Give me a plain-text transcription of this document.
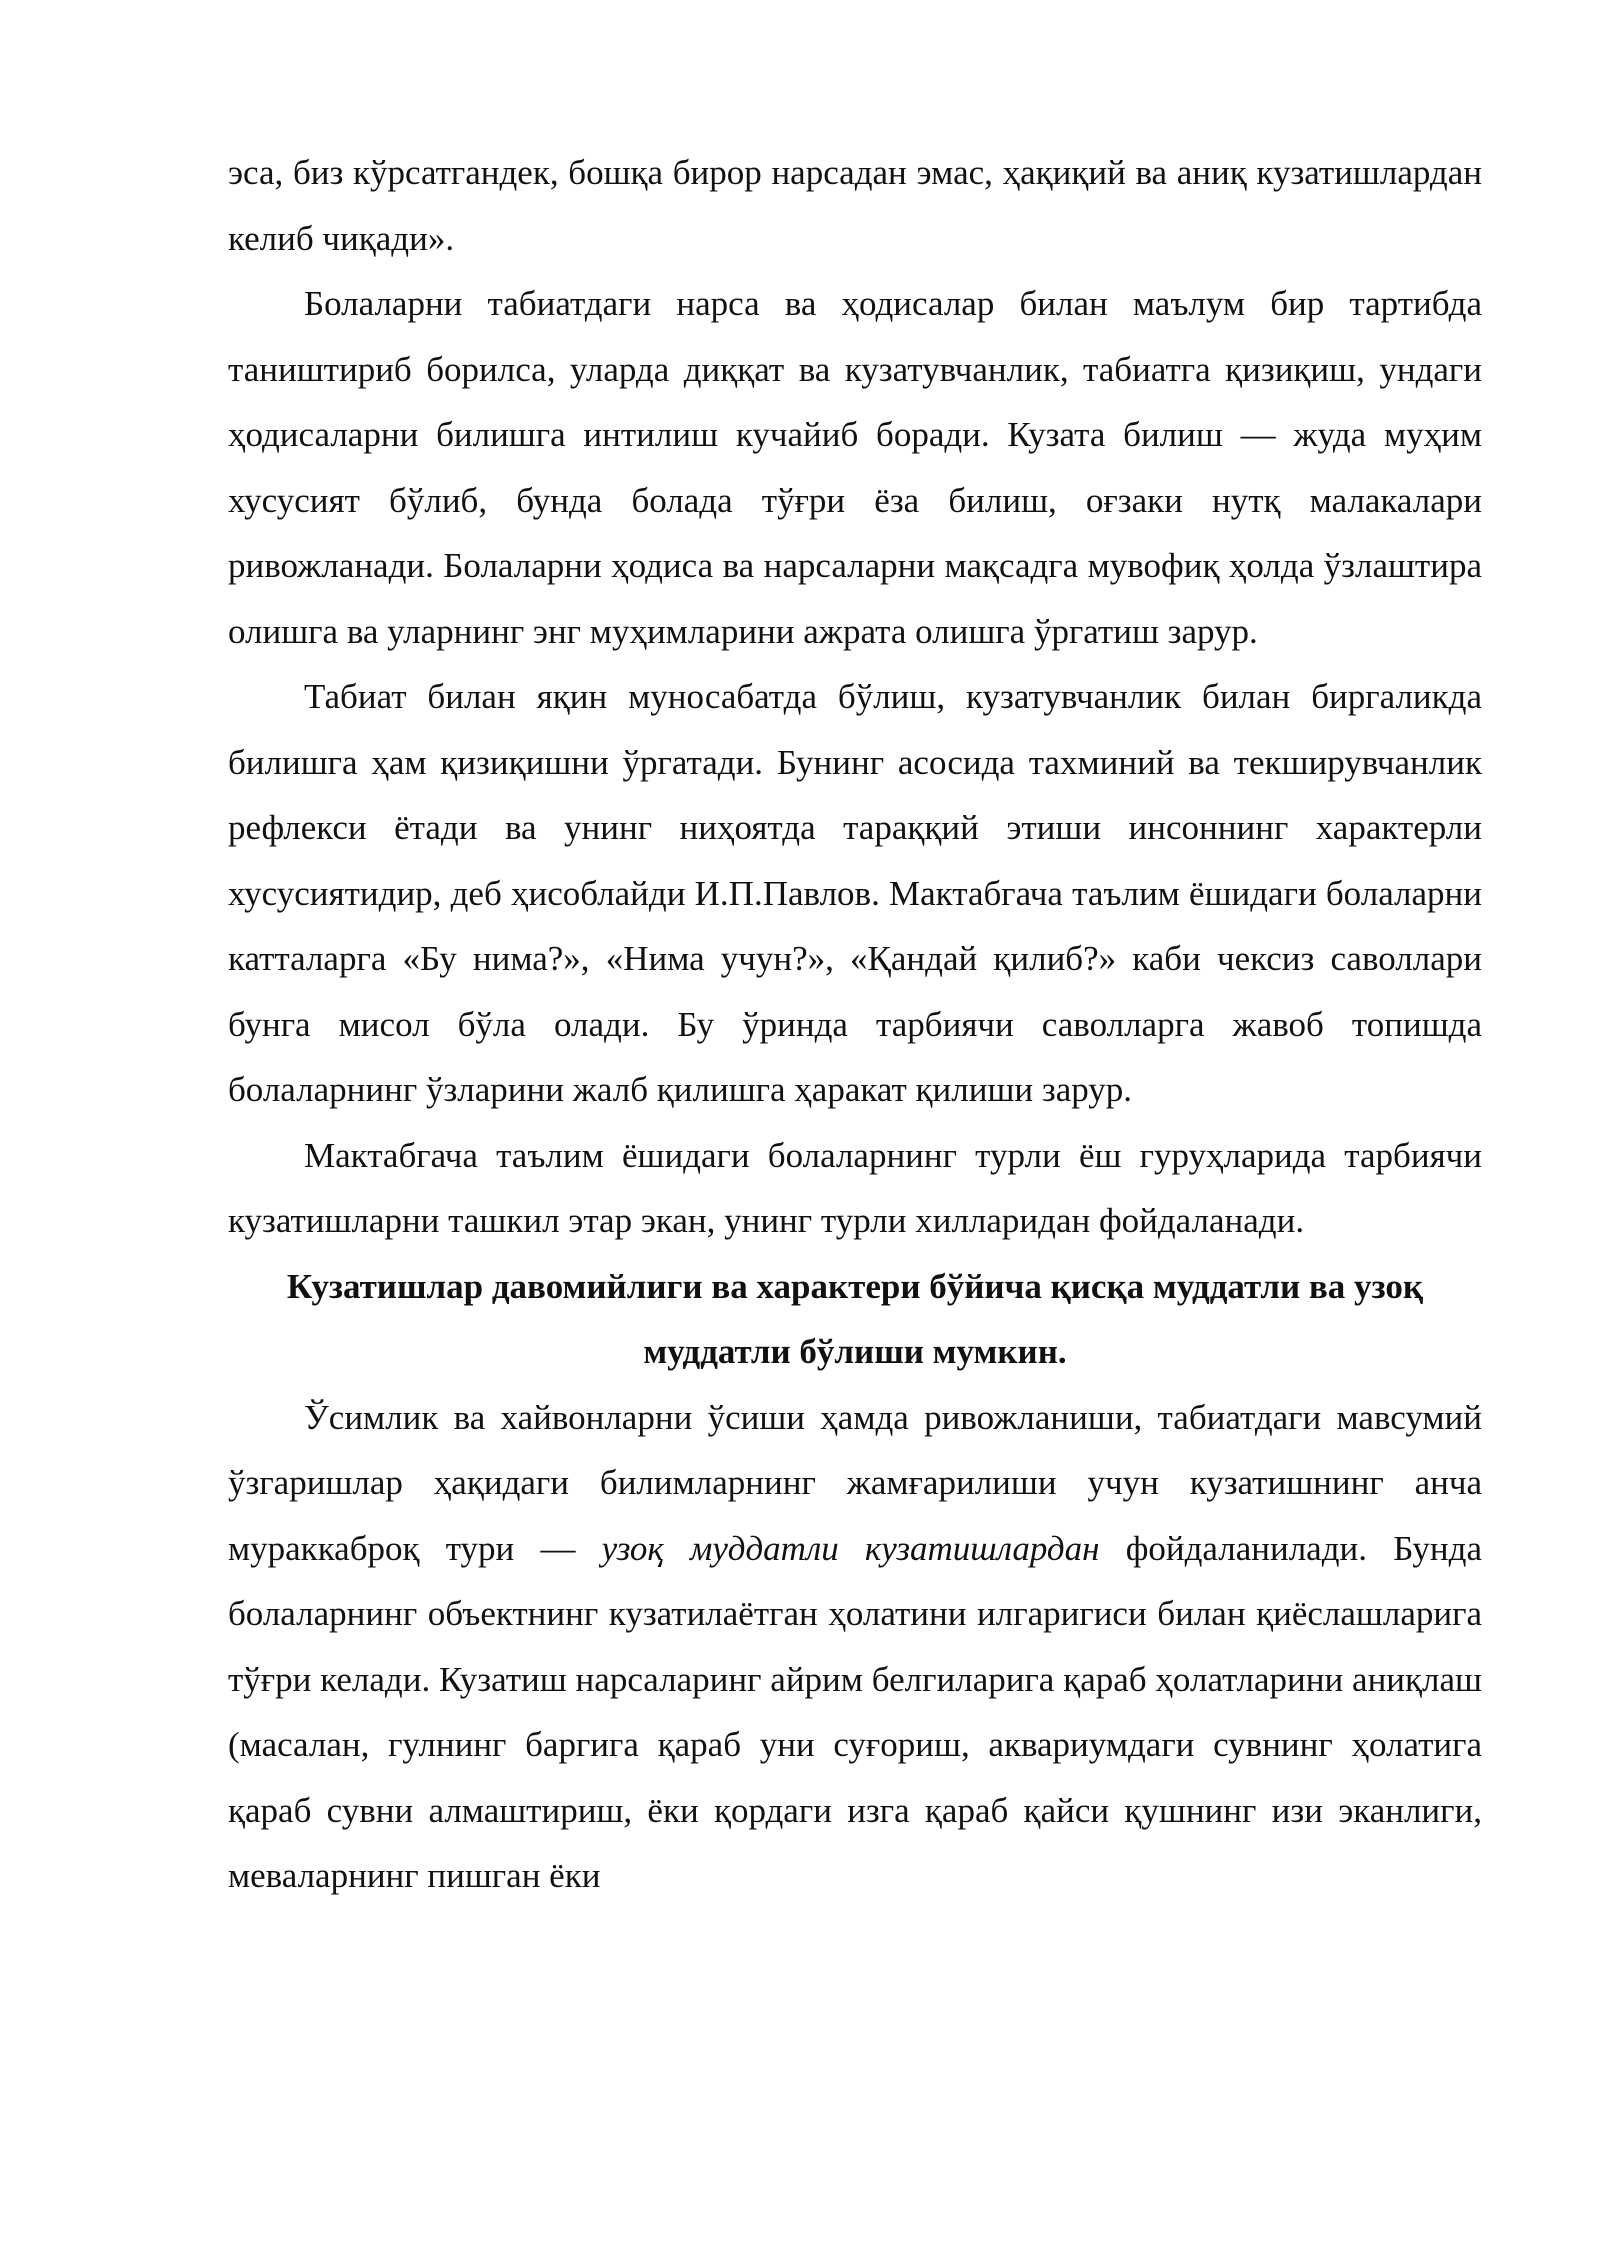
эса, биз кўрсатгандек, бошқа бирор нарсадан эмас, ҳақиқий ва аниқ кузатишлардан келиб чиқади».

Болаларни табиатдаги нарса ва ҳодисалар билан маълум бир тартибда таништириб борилса, уларда диққат ва кузатувчанлик, табиатга қизиқиш, ундаги ҳодисаларни билишга интилиш кучайиб боради. Кузата билиш — жуда муҳим хусусият бўлиб, бунда болада тўғри ёза билиш, оғзаки нутқ малакалари ривожланади. Болаларни ҳодиса ва нарсаларни мақсадга мувофиқ ҳолда ўзлаштира олишга ва уларнинг энг муҳимларини ажрата олишга ўргатиш зарур.

Табиат билан яқин муносабатда бўлиш, кузатувчанлик билан биргаликда билишга ҳам қизиқишни ўргатади. Бунинг асосида тахминий ва текширувчанлик рефлекси ётади ва унинг ниҳоятда тараққий этиши инсоннинг характерли хусусиятидир, деб ҳисоблайди И.П.Павлов. Мактабгача таълим ёшидаги болаларни катталарга «Бу нима?», «Нима учун?», «Қандай қилиб?» каби чексиз саволлари бунга мисол бўла олади. Бу ўринда тарбиячи саволларга жавоб топишда болаларнинг ўзларини жалб қилишга ҳаракат қилиши зарур.

Мактабгача таълим ёшидаги болаларнинг турли ёш гуруҳларида тарбиячи кузатишларни ташкил этар экан, унинг турли хилларидан фойдаланади.

Кузатишлар давомийлиги ва характери бўйича қисқа муддатли ва узоқ
муддатли бўлиши мумкин.

Ўсимлик ва хайвонларни ўсиши ҳамда ривожланиши, табиатдаги мавсумий ўзгаришлар ҳақидаги билимларнинг жамғарилиши учун кузатишнинг анча мураккаброқ тури — узоқ муддатли кузатишлардан фойдаланилади. Бунда болаларнинг объектнинг кузатилаётган ҳолатини илгаригиси билан қиёслашларига тўғри келади. Кузатиш нарсаларинг айрим белгиларига қараб ҳолатларини аниқлаш (масалан, гулнинг баргига қараб уни суғориш, аквариумдаги сувнинг ҳолатига қараб сувни алмаштириш, ёки қордаги изга қараб қайси қушнинг изи эканлиги, меваларнинг пишган ёки
